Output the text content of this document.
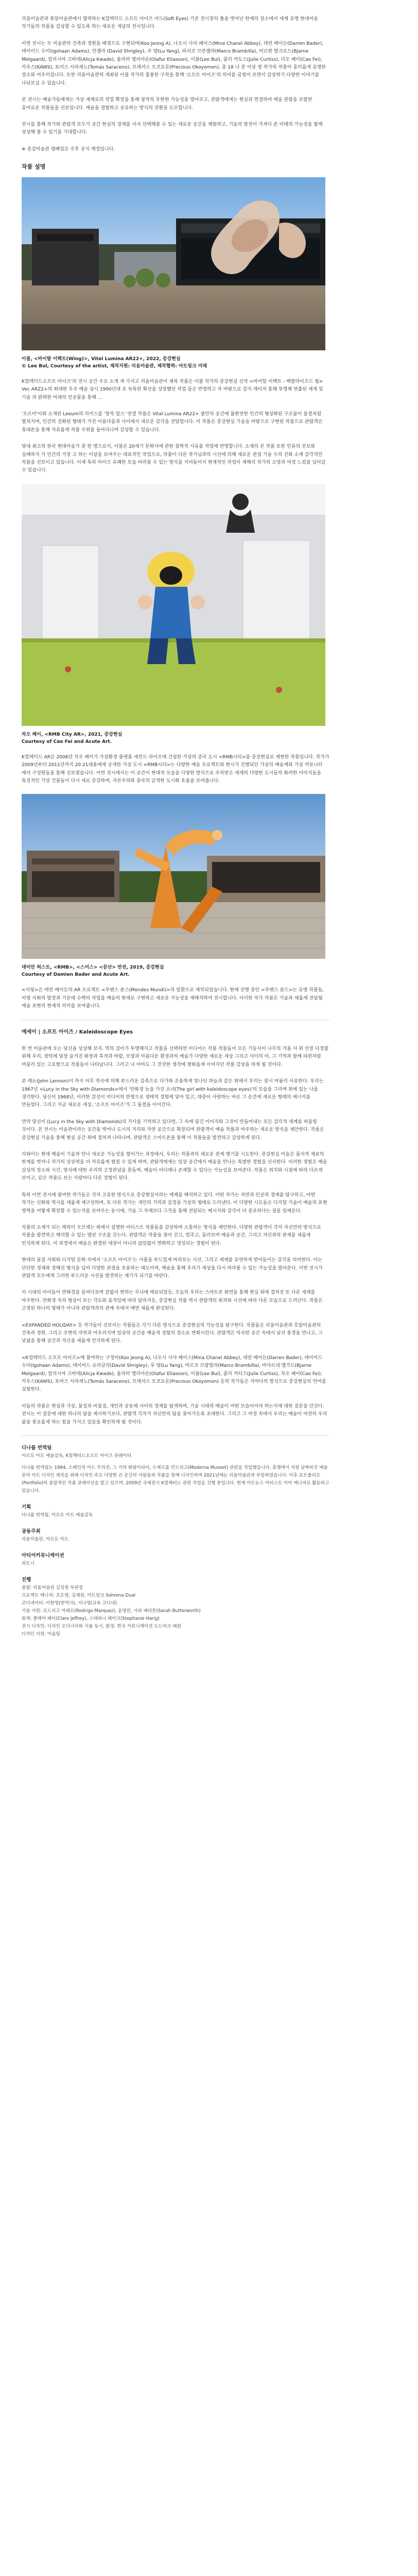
리움미술관과 휴암미술관에서 협력하는 K컬렉터드 소프트 아이즈 어드(Soft Eyes) 기존 전시장의 틀을 벗어난 한계의 장소에서 세계 유명 현대미술 작가들의 작품을 감상할 수 있도록 하는 새로운 개념의 전시입니다.

이번 전시는 두 미술관의 건축과 정원을 배경으로 구현되며(Koo Jeong A), 나오시 사샤 페이스(Mina Chanel Abbey), 데런 베이든(Darren Bader), 테이미드 수미(Igshaan Adams), 안젤라 (David Shrigley), 주 양(Lu Yang), 파리코 브란젤라(Marco Brambilla), 비르한 발크로드(Bjarne Melgaard), 알리시아 크바데(Alicja Kwade), 올라퍼 엘리아손(Olafur Eliasson), 이불(Lee Bul), 쿨리 카도스(Julie Curtiss), 다오 페이(Cao Fei), 카우스(KAWS), 토미스 사라세노(Tomás Saraceno), 프레셔스 오코요몬(Precious Okoyomon), 총 18 나 종 이상 영 작가의 작품이 흥미롭게 유명한 장소와 어우러집니다. 또한 리움미술관의 개최된 이불 작가의 훌륭한 구작을 통해 '소프트 아이즈'의 의미를 곱씹어 보면서 감상하기 다양한 이야기를 나눠보실 수 있습니다.

본 전시는 예술가들에게는 가상 세계로의 작업 확장을 통해 창작의 무한한 가능성을 열어주고, 관람객에게는 현실과 연결하여 예술 관람을 포함한 흥미로운 작품들을 선보입니다. 예술을 경험하고 공유하는 방식의 전환을 도모합니다.

전시를 통해 작가와 관람객 모두가 공간 현실의 경계를 서서 선택해볼 수 있는 새로운 공간을 체험하고, 기술의 발전이 가져다 준 미래의 가능성을 함께 상상해 볼 수 있기를 기대합니다.

※ 증강미술관 캠페일은 주후 공지 예정입니다.

작품 설명
이불, <바이탈 이펙트(Wing)>, Vital Lumina AR22+, 2022, 증강현실
© Lee Bul, Courtesy of the artist, 제작지원: 리움미술관, 제작협력: 아트링크 미래

K컬렉터드소프트 아이즈'의 전시 공간 주요 소개 게 가지고 리움미술관이 재복 작품은 이불 작가의 증강현실 신작 <바이탈 이팩트 - 베랄라이츠드 윙> Vec ARZ2+의 최대한 우주 예술 상시 1990년대 초 독특한 확산을 성장했던 작업 들은 반영하고 자 바탕으로 감지 레이저 통해 투명체 연출된 세계 및 기술 과 밝혀한 미래의 인공물을 통해 ...

'오르미'이와 소개된 Leeum의 리미스를 '창작 밀스' 연결 작품은 Vital Lumina AR22+ 불안의 공간에 불완전한 인간의 형상화된 구조물이 물결처럼 펼쳐지며, 인간의 진화된 형태가 가진 아름다움과 사이에서 새로운 감각을 전달합니다. 이 작품은 증강현실 기술을 바탕으로 구현된 작품으로 관람객은 휴대폰을 통해 자유롭게 작품 주위를 돌아다니며 감상할 수 있습니다.

당대 최고의 한국 현대미술가 중 한 명으로서, 이불은 20세기 문화사에 관한 철학적 사유를 작업에 반영합니다. 소재의 본 작품 또한 인류의 진보와 실패하지 가 인간의 가장 고 하는 이상을 보여주는 대표적인 작업으로, 작품이 다른 작가님과의 시선에 의해 새로운 관점 기술 수의 진화 소재 감각적인 작품을 선보이고 있습니다. 이제 특히 아이즈 유쾌한 모습 바라볼 수 있는 방식을 지어들어서 현재적인 작업이 재해석 작가의 소망과 여정 느낌을 넘어갈 수 있습니다.

차오 페이, <RMB City AR>, 2021, 증강현실
Courtesy of Cao Fei and Acute Art.

K컬렉터드 AR은 2008년 차오 페이가 가상환경 플랫폼 세컨드 라이프에 건설한 가상의 중국 도시 <RMB시티>를 증강현실로 재현한 작품입니다. 작가가 2009년부터 2011년까지 20 21대용에게 공개한 가상 도시 <RMB시티>는 다양한 예술 프로젝트와 현시가 진행되던 가상의 예술계와 가상 커뮤니티 에서 구성원들을 통해 선보였습니다. 이번 전시에서는 이 공간이 현대적 모습을 다양한 방식으로 주목받은 세계의 다양한 도시들의 화려한 이미지들을 특징적인 가상 건물들이 다시 새로 증강하며, 자본주의와 중국의 급격한 도시화 흐름을 보여줍니다.

데미안 허스트, <RMB>, <스미스> <문산> 반전, 2019, 증강현실
Courtesy of Damien Bader and Acute Art.

<서핑>은 데런 베이든의 AR 프로젝트 <루벤스 푼스(Mendes Mundi)>의 일환으로 제작되었습니다. 현재 진행 중인 <루벤스 푼드>는 유명 작품들, 비평 사회의 발전과 기운에 수백의 작업을 예술의 현재로 구현하고 새로운 가능성을 재해석하여 전시합니다. 이러한 작가 작품은 기술과 새롭게 전달될 예술 표현의 현재적 의미를 보여줍니다.

에세이 | 소프트 아이즈 / Kaleidoscope Eyes

한 번 미술관에 오는 당신을 상상해 보자. 역의 걸어가 투명해지고 작품을 선택하면 미디어는 작품 작품들이 모든 기둥사이 나무의 겨울 사 위 산장 다정할 위해 우리, 창턱에 당장 숨겨진 화장과 흑적과 바람, 모양과 아름다운 환경과의 예술가 다양한 새로운 세상 그리고 사이의 아, 그 기억과 함께 파편처럼 머물러 있는 고요함으로 작품들이 나타납니다. 그러고 나 아마도 그 잔잔한 생각에 평화롭게 이어지던 작품 감상을 하게 될 것이다.

존 레논(John Lennon)이 작곡 아무 작곡에 의해 부드러운 감촉으로 다가와 조용하게 빛나던 하늘과 같은 위에서 우리는 잠시 머물러 사유한다. 우리는 1967년 <Lucy in the Sky with Diamonds>에서 '만화경 눈을 가진 소녀(The girl with kaleidoscope eyes)'의 모습을 그리며 위에 있는 나를 생각한다. 당신이 1968년, 이러한 감성이 미디어의 반영으로 생태적 경험에 닿아 있고, 대중이 사랑하는 바로 그 순간에 새로운 형태의 에너지를 만들었다. 그리고 지금 새로운 세상, '소프트 아이즈'가 그 물결을 이어간다.

만약 당신이 (Lucy in the Sky with Diamonds)의 가사를 기억하고 있다면, 그 속에 담긴 이미지와 그것이 만들어내는 모든 감각적 세계를 떠올릴 것이다. 본 전시는 미술관이라는 공간을 벗어나 도시의 거리와 자연 공간으로 확장되며 관람객이 예술 작품과 마주하는 새로운 방식을 제안한다. 작품은 증강현실 기술을 통해 현실 공간 위에 겹쳐져 나타나며, 관람객은 스마트폰을 통해 이 작품들을 발견하고 감상하게 된다.

리와이는 현대 예술이 기술과 만나 새로운 가능성을 열어가는 과정에서, 우리는 작품과의 새로운 관계 맺기를 시도한다. 증강현실 미술은 물리적 재료의 한계를 벗어나 작가의 상상력을 더 자유롭게 펼칠 수 있게 하며, 관람객에게는 일상 공간에서 예술을 만나는 특별한 경험을 선사한다. 이러한 경험은 예술 감상의 장소와 시간, 방식에 대한 우리의 고정관념을 흔들며, 예술이 어디에나 존재할 수 있다는 가능성을 보여준다. 작품은 위치와 시점에 따라 다르게 보이고, 같은 작품도 보는 사람마다 다른 경험이 된다.

특히 이번 전시에 참여한 작가들은 각자 고유한 방식으로 증강현실이라는 매체를 해석하고 있다. 어떤 작가는 자연과 인공의 경계를 탐구하고, 어떤 작가는 신화와 역사를 새롭게 재구성하며, 또 다른 작가는 개인의 기억과 감정을 가상의 형태로 드러낸다. 이 다양한 시도들은 디지털 기술이 예술의 표현 영역을 어떻게 확장할 수 있는지를 보여주는 동시에, 기술 그 자체보다 그것을 통해 전달되는 메시지와 감각이 더 중요하다는 점을 일깨운다.

작품의 소재가 되는 캐릭터 오브제는 위에서 설명한 아티스트 작품들을 감상하며 소통하는 방식을 제안한다. 다양한 관람객이 각자 자신만의 방식으로 작품을 발견하고 해석할 수 있는 열린 구조를 갖는다. 관람객은 작품을 찾아 걷고, 멈추고, 둘러보며 예술과 공간, 그리고 자신과의 관계를 새롭게 인식하게 된다. 이 과정에서 예술은 완결된 대상이 아니라 끊임없이 변화하고 생성되는 경험이 된다.

현대의 물질 사회와 디지털 문화 속에서 '소프트 아이즈'는 사물을 부드럽게 바라보는 시선, 그리고 세계를 유연하게 받아들이는 감각을 의미한다. 이는 단단한 경계와 정해진 형식을 넘어 다양한 관점을 포용하는 태도이며, 예술을 통해 우리가 세상을 다시 바라볼 수 있는 가능성을 열어준다. 이번 전시가 관람객 모두에게 그러한 부드러운 시선을 발견하는 계기가 되기를 바란다.

이 시대의 아이들이 만화경을 들여다보며 끝없이 변하는 무늬에 매료되었듯, 오늘의 우리는 스마트폰 화면을 통해 현실 위에 겹쳐진 또 다른 세계를 마주한다. 만화경 속의 형상이 보는 각도와 움직임에 따라 달라지듯, 증강현실 작품 역시 관람객의 위치와 시선에 따라 다른 모습으로 드러난다. 작품은 고정된 하나의 형태가 아니라 관람객과의 관계 속에서 매번 새롭게 완성된다.

<EXPANDED HOLIDAY> 등 작가들이 선보이는 작품들은 각기 다른 방식으로 증강현실의 가능성을 탐구한다. 작품들은 리움미술관과 호암미술관의 건축과 정원, 그리고 주변의 자연과 어우러지며 일상의 공간을 예술적 경험의 장소로 변화시킨다. 관람객은 익숙한 공간 속에서 낯선 풍경을 만나고, 그 낯섦을 통해 공간과 자신을 새롭게 인식하게 된다.

<K컬렉터드 소프트 아이즈>에 참여하는 구정아(Koo Jeong A), 나오시 사샤 페이스(Mina Chanel Abbey), 데런 베이든(Darren Bader), 테이미드 수미(Igshaan Adams), 데이비드 슈리글리(David Shrigley), 루 양(Lu Yang), 마르코 브람빌라(Marco Brambilla), 비야르네 멜가드(Bjarne Melgaard), 알리시아 크바데(Alicja Kwade), 올라퍼 엘리아손(Olafur Eliasson), 이불(Lee Bul), 줄리 커티스(Julie Curtiss), 차오 페이(Cao Fei), 카우스(KAWS), 토마스 사라세노(Tomás Saraceno), 프레셔스 오코요몬(Precious Okoyomon) 등의 작가들은 저마다의 방식으로 증강현실의 언어를 실험한다.

이들의 작품은 현실과 가상, 물질과 비물질, 개인과 공동체 사이의 경계를 탐색하며, 기술 시대의 예술이 어떤 모습이어야 하는지에 대한 질문을 던진다. 전시는 이 질문에 대한 하나의 답을 제시하기보다, 관람객 각자가 자신만의 답을 찾아가도록 초대한다. 그리고 그 여정 속에서 우리는 예술이 여전히 우리 삶을 풍요롭게 하는 힘을 가지고 있음을 확인하게 될 것이다.

디나룹 번역팀
아르토 아트 예술감독, K컬렉터드소프트 아이즈 큐레이터
디나룹 번역팀는 1984, 스페인의 마드 무의전, 그 가의 화랑이라이, 수제프를 만드리고(Moderna Museet) 관련을 작업했습니다. 휴앰에서 지원 날짜하진 예술 분야 아트 디자인 제작을 위해 디자인 주요 다양한 큰 공간의 사람들과 작품을 함께 디자인하며 2021년에는 리움미술관과 부임하였습니다. 이후 포트폴리오(Portfolio)의 총괄적인 작품 큐레이션을 맡고 있으며, 2009년 국제전시 K컬렉터드 관련 작업을 진행 중입니다. 현재 아트뉴스 아티스트 아이 매니저로 활동하고 있습니다.
기획
다나룹 번역팀, 아르토 아트 예술감독
공동주최
리움미술관, 아르토 아트
아티어커뮤니케이션
파트너
진행
총괄: 리움미술관 김성원 부관장
프로젝트 매니저: 조은영, 김재원, 아트링크 Sohrena Dual
코디네이터: 이현영(번역사), 서나영(교육 코디네)
기술 지원: 로드리고 마레르(Rodrigo Marquez), 윤영빈, 사라 베리튼(Sarah Butterworth)
회계: 클레어 페이(Clare Jeffrey), 스테파니 페이크(Stephanie Harig)
전시 디자인: 디자인 오디너리와 서울 동시, 환경: 한국 커뮤니케이션 도드마크 배원
디자인 지원: 아솝팀
